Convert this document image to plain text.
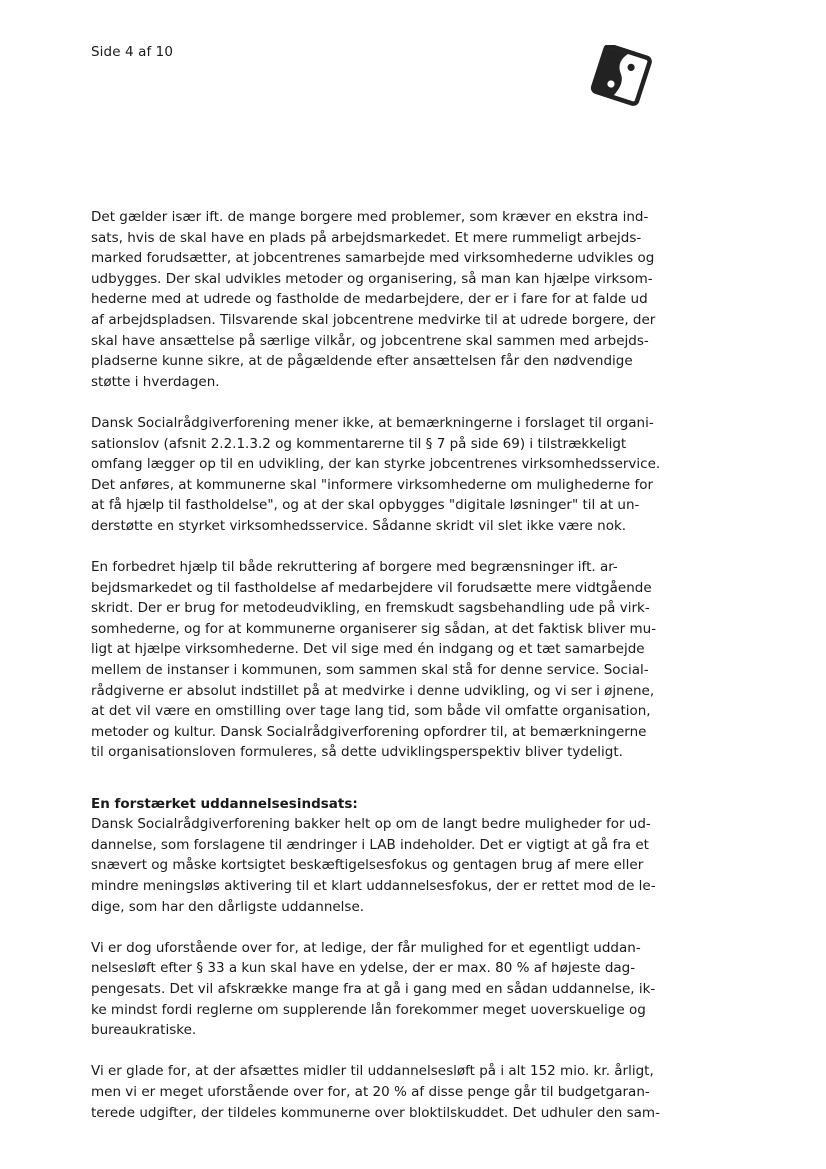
Side 4 af 10
Det gælder især ift. de mange borgere med problemer, som kræver en ekstra ind-
sats, hvis de skal have en plads på arbejdsmarkedet. Et mere rummeligt arbejds-
marked forudsætter, at jobcentrenes samarbejde med virksomhederne udvikles og
udbygges. Der skal udvikles metoder og organisering, så man kan hjælpe virksom-
hederne med at udrede og fastholde de medarbejdere, der er i fare for at falde ud
af arbejdspladsen. Tilsvarende skal jobcentrene medvirke til at udrede borgere, der
skal have ansættelse på særlige vilkår, og jobcentrene skal sammen med arbejds-
pladserne kunne sikre, at de pågældende efter ansættelsen får den nødvendige
støtte i hverdagen.
Dansk Socialrådgiverforening mener ikke, at bemærkningerne i forslaget til organi-
sationslov (afsnit 2.2.1.3.2 og kommentarerne til § 7 på side 69) i tilstrækkeligt
omfang lægger op til en udvikling, der kan styrke jobcentrenes virksomhedsservice.
Det anføres, at kommunerne skal "informere virksomhederne om mulighederne for
at få hjælp til fastholdelse", og at der skal opbygges "digitale løsninger" til at un-
derstøtte en styrket virksomhedsservice. Sådanne skridt vil slet ikke være nok.
En forbedret hjælp til både rekruttering af borgere med begrænsninger ift. ar-
bejdsmarkedet og til fastholdelse af medarbejdere vil forudsætte mere vidtgående
skridt. Der er brug for metodeudvikling, en fremskudt sagsbehandling ude på virk-
somhederne, og for at kommunerne organiserer sig sådan, at det faktisk bliver mu-
ligt at hjælpe virksomhederne. Det vil sige med én indgang og et tæt samarbejde
mellem de instanser i kommunen, som sammen skal stå for denne service. Social-
rådgiverne er absolut indstillet på at medvirke i denne udvikling, og vi ser i øjnene,
at det vil være en omstilling over tage lang tid, som både vil omfatte organisation,
metoder og kultur. Dansk Socialrådgiverforening opfordrer til, at bemærkningerne
til organisationsloven formuleres, så dette udviklingsperspektiv bliver tydeligt.
En forstærket uddannelsesindsats:
Dansk Socialrådgiverforening bakker helt op om de langt bedre muligheder for ud-
dannelse, som forslagene til ændringer i LAB indeholder. Det er vigtigt at gå fra et
snævert og måske kortsigtet beskæftigelsesfokus og gentagen brug af mere eller
mindre meningsløs aktivering til et klart uddannelsesfokus, der er rettet mod de le-
dige, som har den dårligste uddannelse.
Vi er dog uforstående over for, at ledige, der får mulighed for et egentligt uddan-
nelsesløft efter § 33 a kun skal have en ydelse, der er max. 80 % af højeste dag-
pengesats. Det vil afskrække mange fra at gå i gang med en sådan uddannelse, ik-
ke mindst fordi reglerne om supplerende lån forekommer meget uoverskuelige og
bureaukratiske.
Vi er glade for, at der afsættes midler til uddannelsesløft på i alt 152 mio. kr. årligt,
men vi er meget uforstående over for, at 20 % af disse penge går til budgetgaran-
terede udgifter, der tildeles kommunerne over bloktilskuddet. Det udhuler den sam-
